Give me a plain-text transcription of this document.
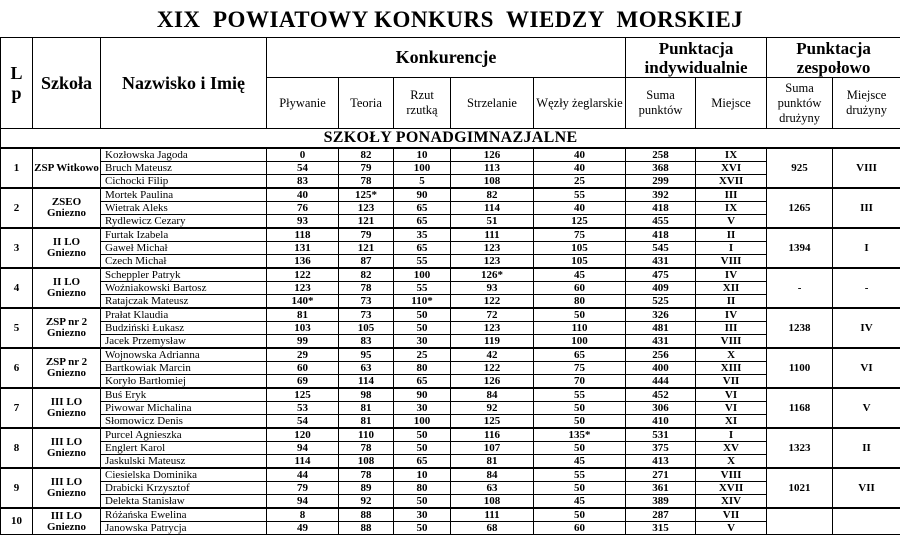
XIX  POWIATOWY KONKURS  WIEDZY  MORSKIEJ
L
p	Szkoła	Nazwisko i Imię	Konkurencje					Punktacja indywidualnie		Punktacja zespołowo	
			Pływanie	Teoria	Rzut rzutką	Strzelanie	Węzły żeglarskie	Suma punktów	Miejsce	Suma punktów drużyny	Miejsce drużyny
SZKOŁY PONADGIMNAZJALNE											
1	ZSP Witkowo	Kozłowska Jagoda	0	82	10	126	40	258	IX	925	VIII
		Bruch Mateusz	54	79	100	113	40	368	XVI		
		Cichocki Filip	83	78	5	108	25	299	XVII		
2	ZSEO Gniezno	Mortek Paulina	40	125*	90	82	55	392	III	1265	III
		Wietrak Aleks	76	123	65	114	40	418	IX		
		Rydlewicz Cezary	93	121	65	51	125	455	V		
3	II LO Gniezno	Furtak Izabela	118	79	35	111	75	418	II	1394	I
		Gaweł Michał	131	121	65	123	105	545	I		
		Czech Michał	136	87	55	123	105	431	VIII		
4	II LO Gniezno	Scheppler Patryk	122	82	100	126*	45	475	IV	-	-
		Woźniakowski Bartosz	123	78	55	93	60	409	XII		
		Ratajczak Mateusz	140*	73	110*	122	80	525	II		
5	ZSP nr 2 Gniezno	Prałat Klaudia	81	73	50	72	50	326	IV	1238	IV
		Budziński Łukasz	103	105	50	123	110	481	III		
		Jacek Przemysław	99	83	30	119	100	431	VIII		
6	ZSP nr 2 Gniezno	Wojnowska Adrianna	29	95	25	42	65	256	X	1100	VI
		Bartkowiak Marcin	60	63	80	122	75	400	XIII		
		Koryło Bartłomiej	69	114	65	126	70	444	VII		
7	III LO Gniezno	Buś Eryk	125	98	90	84	55	452	VI	1168	V
		Piwowar Michalina	53	81	30	92	50	306	VI		
		Słomowicz Denis	54	81	100	125	50	410	XI		
8	III LO Gniezno	Purcel Agnieszka	120	110	50	116	135*	531	I	1323	II
		Englert Karol	94	78	50	107	50	375	XV		
		Jaskulski Mateusz	114	108	65	81	45	413	X		
9	III LO Gniezno	Ciesielska Dominika	44	78	10	84	55	271	VIII	1021	VII
		Drabicki Krzysztof	79	89	80	63	50	361	XVII		
		Delekta Stanisław	94	92	50	108	45	389	XIV		
10	III LO Gniezno	Różańska Ewelina	8	88	30	111	50	287	VII		
		Janowska Patrycja	49	88	50	68	60	315	V		
